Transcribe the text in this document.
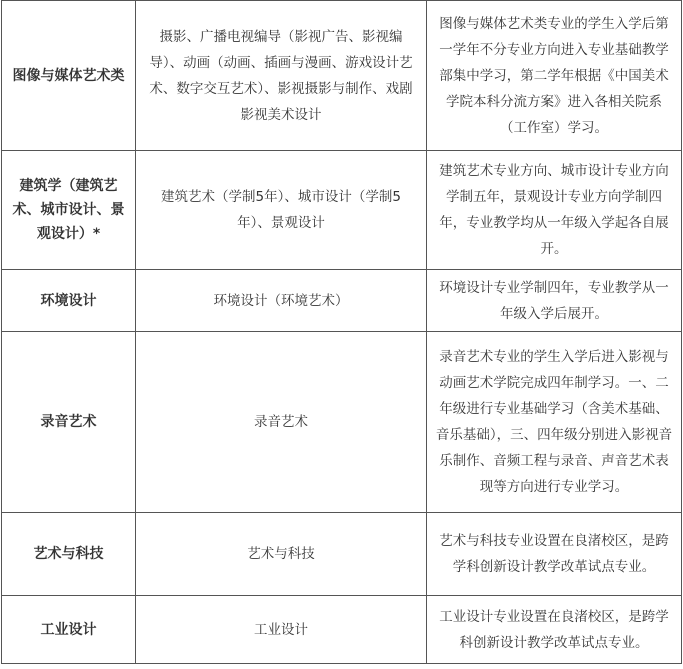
图像与媒体艺术类	摄影、广播电视编导（影视广告、影视编导）、动画（动画、插画与漫画、游戏设计艺术、数字交互艺术）、影视摄影与制作、戏剧影视美术设计	图像与媒体艺术类专业的学生入学后第一学年不分专业方向进入专业基础教学部集中学习，第二学年根据《中国美术学院本科分流方案》进入各相关院系（工作室）学习。
建筑学（建筑艺术、城市设计、景观设计）*	建筑艺术（学制5年）、城市设计（学制5年）、景观设计	建筑艺术专业方向、城市设计专业方向学制五年，景观设计专业方向学制四年，专业教学均从一年级入学起各自展开。
环境设计	环境设计（环境艺术）	环境设计专业学制四年，专业教学从一年级入学后展开。
录音艺术	录音艺术	录音艺术专业的学生入学后进入影视与动画艺术学院完成四年制学习。一、二年级进行专业基础学习（含美术基础、音乐基础），三、四年级分别进入影视音乐制作、音频工程与录音、声音艺术表现等方向进行专业学习。
艺术与科技	艺术与科技	艺术与科技专业设置在良渚校区，是跨学科创新设计教学改革试点专业。
工业设计	工业设计	工业设计专业设置在良渚校区，是跨学科创新设计教学改革试点专业。
